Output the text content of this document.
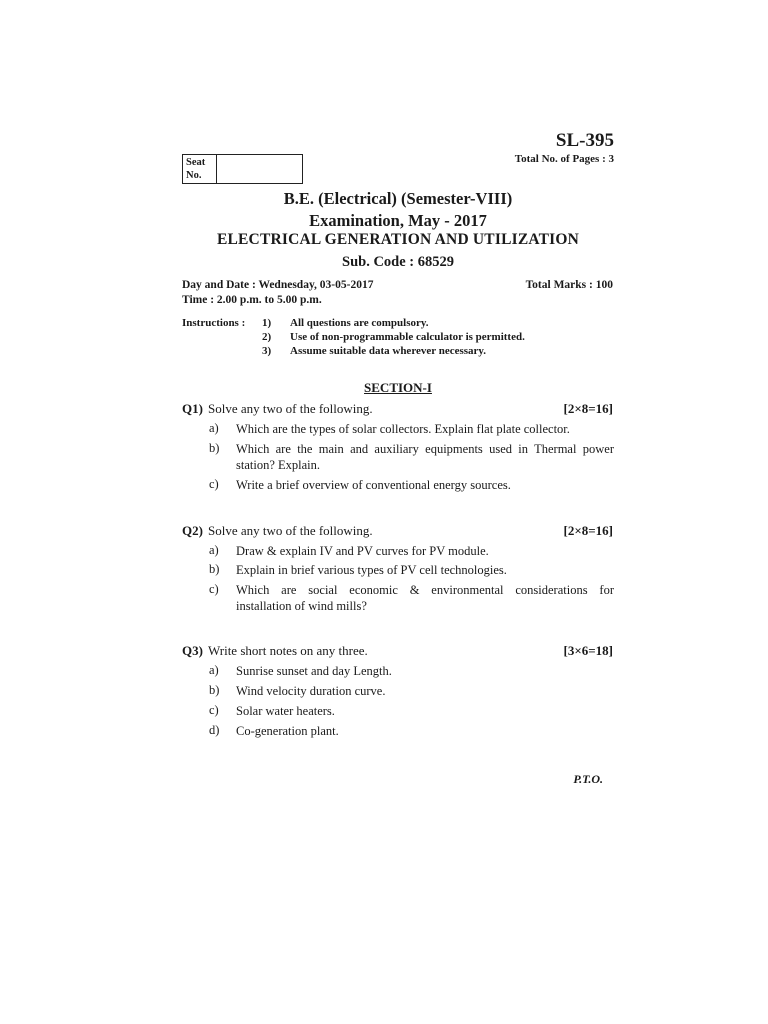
SL-395
Total No. of Pages : 3
Seat No.
B.E. (Electrical) (Semester-VIII)
Examination, May - 2017
ELECTRICAL GENERATION AND UTILIZATION
Sub. Code : 68529
Day and Date : Wednesday, 03-05-2017	Total Marks : 100
Time : 2.00 p.m. to 5.00 p.m.
Instructions : 1) All questions are compulsory.
2) Use of non-programmable calculator is permitted.
3) Assume suitable data wherever necessary.
SECTION-I
Q1) Solve any two of the following.	[2×8=16]
a) Which are the types of solar collectors. Explain flat plate collector.
b) Which are the main and auxiliary equipments used in Thermal power
station? Explain.
c) Write a brief overview of conventional energy sources.
Q2) Solve any two of the following.	[2×8=16]
a) Draw & explain IV and PV curves for PV module.
b) Explain in brief various types of PV cell technologies.
c) Which are social economic & environmental considerations for
installation of wind mills?
Q3) Write short notes on any three.	[3×6=18]
a) Sunrise sunset and day Length.
b) Wind velocity duration curve.
c) Solar water heaters.
d) Co-generation plant.
P.T.O.
